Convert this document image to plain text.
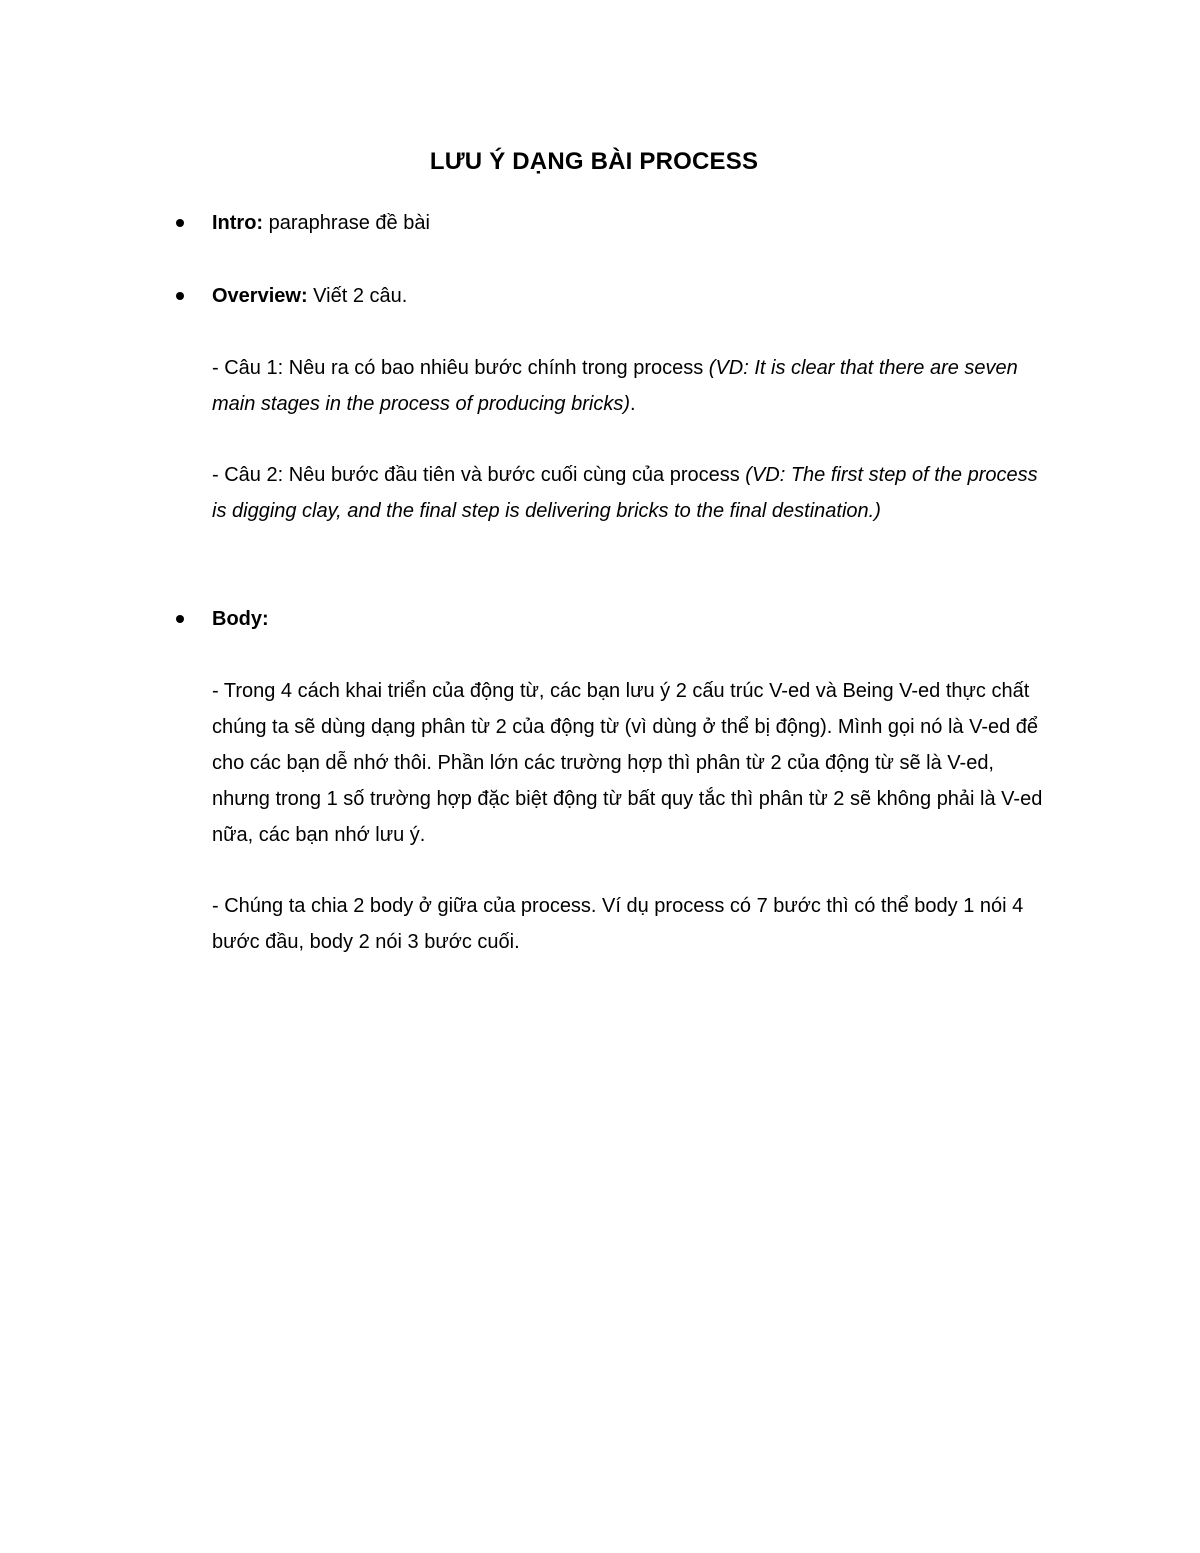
LƯU Ý DẠNG BÀI PROCESS
Intro: paraphrase đề bài
Overview: Viết 2 câu.
- Câu 1: Nêu ra có bao nhiêu bước chính trong process (VD: It is clear that there are seven main stages in the process of producing bricks).
- Câu 2: Nêu bước đầu tiên và bước cuối cùng của process (VD: The first step of the process is digging clay, and the final step is delivering bricks to the final destination.)
Body:
- Trong 4 cách khai triển của động từ, các bạn lưu ý 2 cấu trúc V-ed và Being V-ed thực chất chúng ta sẽ dùng dạng phân từ 2 của động từ (vì dùng ở thể bị động). Mình gọi nó là V-ed để cho các bạn dễ nhớ thôi. Phần lớn các trường hợp thì phân từ 2 của động từ sẽ là V-ed, nhưng trong 1 số trường hợp đặc biệt động từ bất quy tắc thì phân từ 2 sẽ không phải là V-ed nữa, các bạn nhớ lưu ý.
- Chúng ta chia 2 body ở giữa của process. Ví dụ process có 7 bước thì có thể body 1 nói 4 bước đầu, body 2 nói 3 bước cuối.
